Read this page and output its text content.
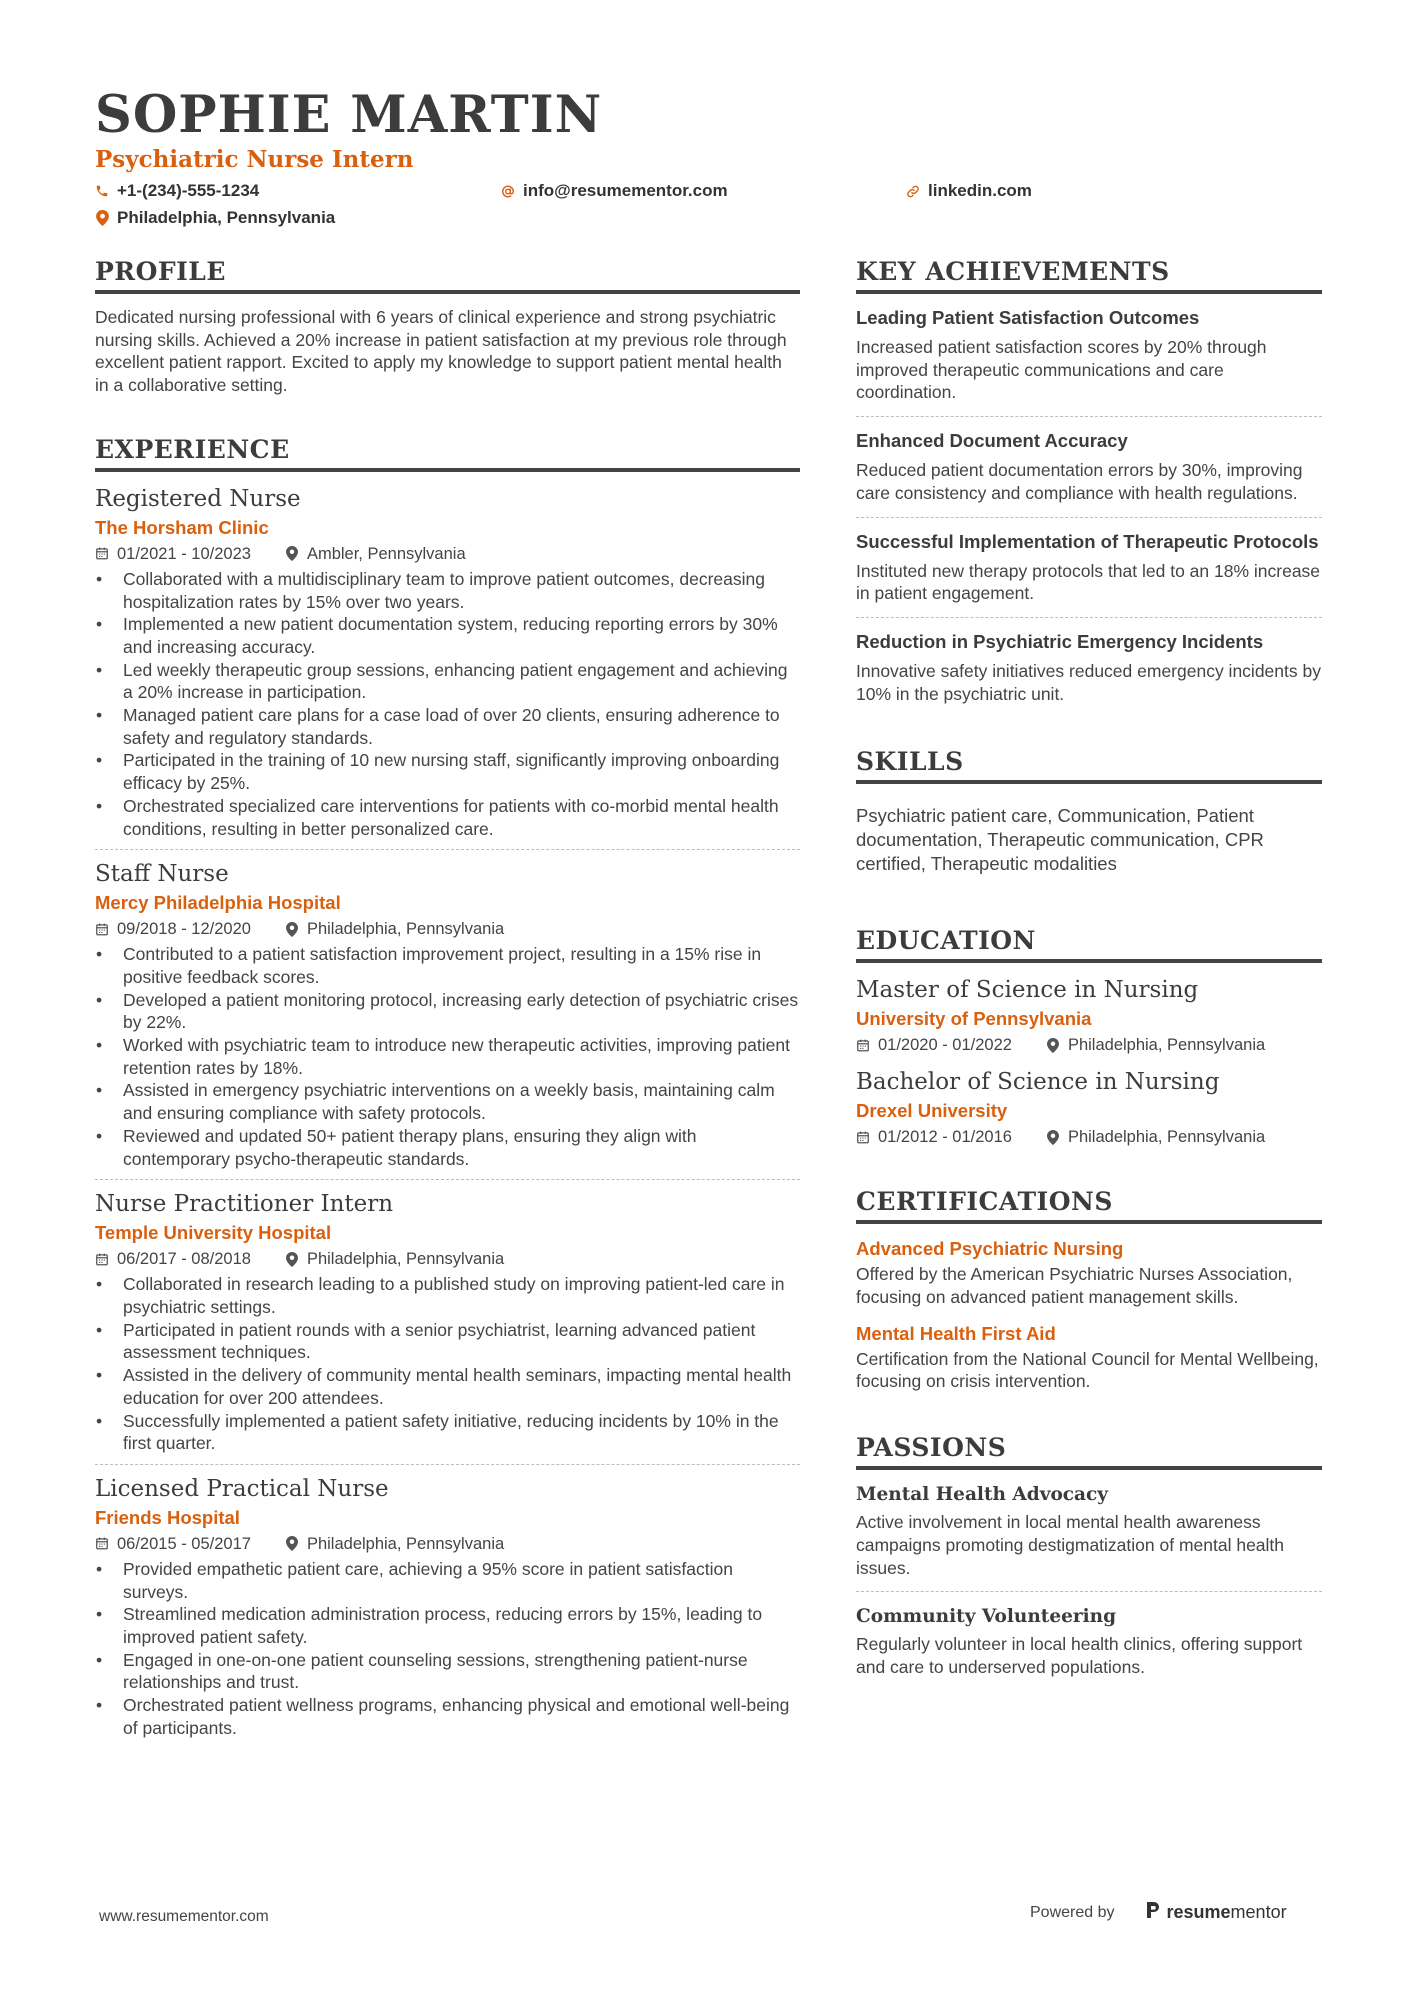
SOPHIE MARTIN
Psychiatric Nurse Intern
+1-(234)-555-1234	info@resumementor.com	linkedin.com
Philadelphia, Pennsylvania
PROFILE

Dedicated nursing professional with 6 years of clinical experience and strong psychiatric nursing skills. Achieved a 20% increase in patient satisfaction at my previous role through excellent patient rapport. Excited to apply my knowledge to support patient mental health in a collaborative setting.

EXPERIENCE
Registered Nurse
The Horsham Clinic
01/2021 - 10/2023	Ambler, Pennsylvania
• Collaborated with a multidisciplinary team to improve patient outcomes, decreasing hospitalization rates by 15% over two years.
• Implemented a new patient documentation system, reducing reporting errors by 30% and increasing accuracy.
• Led weekly therapeutic group sessions, enhancing patient engagement and achieving a 20% increase in participation.
• Managed patient care plans for a case load of over 20 clients, ensuring adherence to safety and regulatory standards.
• Participated in the training of 10 new nursing staff, significantly improving onboarding efficacy by 25%.
• Orchestrated specialized care interventions for patients with co-morbid mental health conditions, resulting in better personalized care.
Staff Nurse
Mercy Philadelphia Hospital
09/2018 - 12/2020	Philadelphia, Pennsylvania
• Contributed to a patient satisfaction improvement project, resulting in a 15% rise in positive feedback scores.
• Developed a patient monitoring protocol, increasing early detection of psychiatric crises by 22%.
• Worked with psychiatric team to introduce new therapeutic activities, improving patient retention rates by 18%.
• Assisted in emergency psychiatric interventions on a weekly basis, maintaining calm and ensuring compliance with safety protocols.
• Reviewed and updated 50+ patient therapy plans, ensuring they align with contemporary psycho-therapeutic standards.
Nurse Practitioner Intern
Temple University Hospital
06/2017 - 08/2018	Philadelphia, Pennsylvania
• Collaborated in research leading to a published study on improving patient-led care in psychiatric settings.
• Participated in patient rounds with a senior psychiatrist, learning advanced patient assessment techniques.
• Assisted in the delivery of community mental health seminars, impacting mental health education for over 200 attendees.
• Successfully implemented a patient safety initiative, reducing incidents by 10% in the first quarter.
Licensed Practical Nurse
Friends Hospital
06/2015 - 05/2017	Philadelphia, Pennsylvania
• Provided empathetic patient care, achieving a 95% score in patient satisfaction surveys.
• Streamlined medication administration process, reducing errors by 15%, leading to improved patient safety.
• Engaged in one-on-one patient counseling sessions, strengthening patient-nurse relationships and trust.
• Orchestrated patient wellness programs, enhancing physical and emotional well-being of participants.
KEY ACHIEVEMENTS
Leading Patient Satisfaction Outcomes

Increased patient satisfaction scores by 20% through improved therapeutic communications and care coordination.

Enhanced Document Accuracy

Reduced patient documentation errors by 30%, improving care consistency and compliance with health regulations.

Successful Implementation of Therapeutic Protocols

Instituted new therapy protocols that led to an 18% increase in patient engagement.

Reduction in Psychiatric Emergency Incidents

Innovative safety initiatives reduced emergency incidents by 10% in the psychiatric unit.

SKILLS

Psychiatric patient care, Communication, Patient documentation, Therapeutic communication, CPR certified, Therapeutic modalities

EDUCATION
Master of Science in Nursing
University of Pennsylvania
01/2020 - 01/2022	Philadelphia, Pennsylvania
Bachelor of Science in Nursing
Drexel University
01/2012 - 01/2016	Philadelphia, Pennsylvania
CERTIFICATIONS
Advanced Psychiatric Nursing

Offered by the American Psychiatric Nurses Association, focusing on advanced patient management skills.

Mental Health First Aid

Certification from the National Council for Mental Wellbeing, focusing on crisis intervention.

PASSIONS
Mental Health Advocacy

Active involvement in local mental health awareness campaigns promoting destigmatization of mental health issues.

Community Volunteering

Regularly volunteer in local health clinics, offering support and care to underserved populations.

www.resumementor.com	Powered by	resumementor
